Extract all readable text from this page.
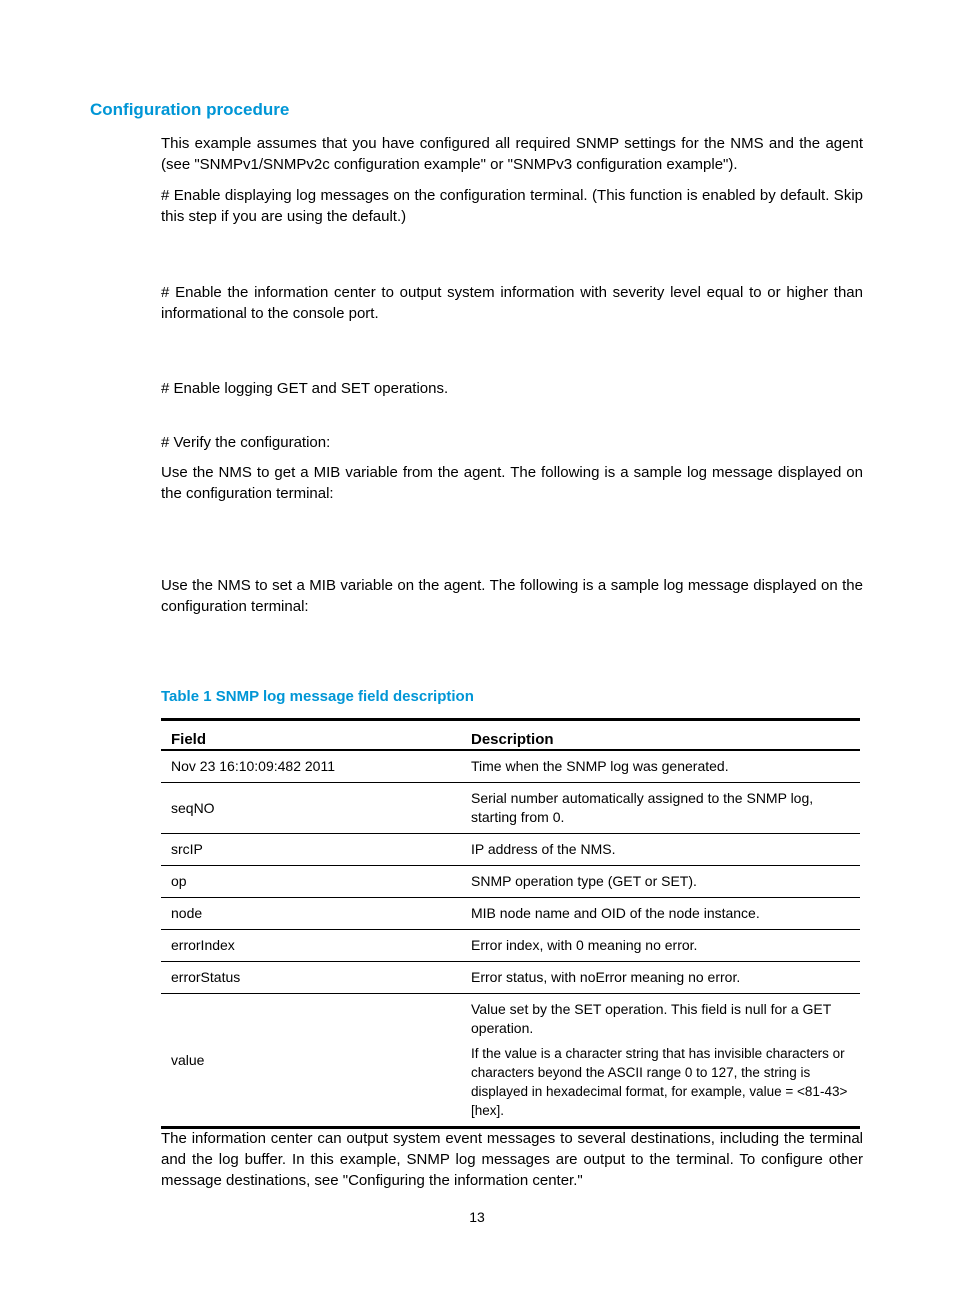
Configuration procedure

This example assumes that you have configured all required SNMP settings for the NMS and the agent (see "SNMPv1/SNMPv2c configuration example" or "SNMPv3 configuration example").

# Enable displaying log messages on the configuration terminal. (This function is enabled by default. Skip this step if you are using the default.)

# Enable the information center to output system information with severity level equal to or higher than informational to the console port.

# Enable logging GET and SET operations.

# Verify the configuration:

Use the NMS to get a MIB variable from the agent. The following is a sample log message displayed on the configuration terminal:

Use the NMS to set a MIB variable on the agent. The following is a sample log message displayed on the configuration terminal:

Table 1 SNMP log message field description

Field	Description
Nov 23 16:10:09:482 2011	Time when the SNMP log was generated.
seqNO	Serial number automatically assigned to the SNMP log, starting from 0.
srcIP	IP address of the NMS.
op	SNMP operation type (GET or SET).
node	MIB node name and OID of the node instance.
errorIndex	Error index, with 0 meaning no error.
errorStatus	Error status, with noError meaning no error.
value	Value set by the SET operation. This field is null for a GET operation.

If the value is a character string that has invisible characters or characters beyond the ASCII range 0 to 127, the string is displayed in hexadecimal format, for example, value = <81-43>[hex].

The information center can output system event messages to several destinations, including the terminal and the log buffer. In this example, SNMP log messages are output to the terminal. To configure other message destinations, see "Configuring the information center."

13
